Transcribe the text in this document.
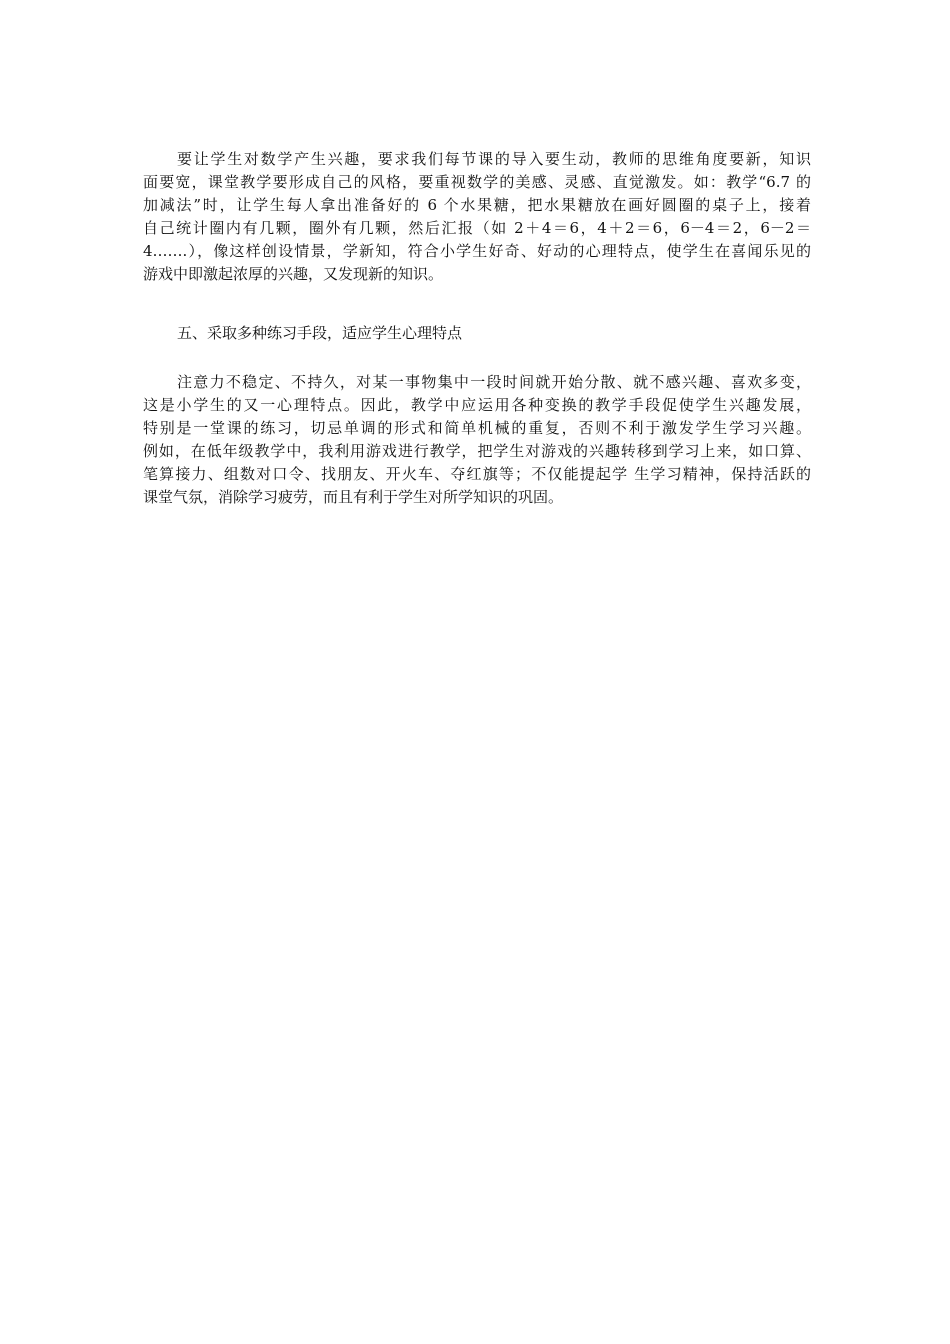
要让学生对数学产生兴趣，要求我们每节课的导入要生动，教师的思维角度要新，知识
面要宽，课堂教学要形成自己的风格，要重视数学的美感、灵感、直觉激发。如：教学“6.7 的
加减法”时，让学生每人拿出准备好的 6 个水果糖，把水果糖放在画好圆圈的桌子上，接着
自己统计圈内有几颗，圈外有几颗，然后汇报（如 2＋4＝6，4＋2＝6，6－4＝2，6－2＝
4…….），像这样创设情景，学新知，符合小学生好奇、好动的心理特点，使学生在喜闻乐见的
游戏中即激起浓厚的兴趣，又发现新的知识。
五、采取多种练习手段，适应学生心理特点
注意力不稳定、不持久，对某一事物集中一段时间就开始分散、就不感兴趣、喜欢多变，
这是小学生的又一心理特点。因此，教学中应运用各种变换的教学手段促使学生兴趣发展，
特别是一堂课的练习，切忌单调的形式和简单机械的重复，否则不利于激发学生学习兴趣。
例如，在低年级教学中，我利用游戏进行教学，把学生对游戏的兴趣转移到学习上来，如口算、
笔算接力、组数对口令、找朋友、开火车、夺红旗等；不仅能提起学 生学习精神，保持活跃的
课堂气氛，消除学习疲劳，而且有利于学生对所学知识的巩固。
